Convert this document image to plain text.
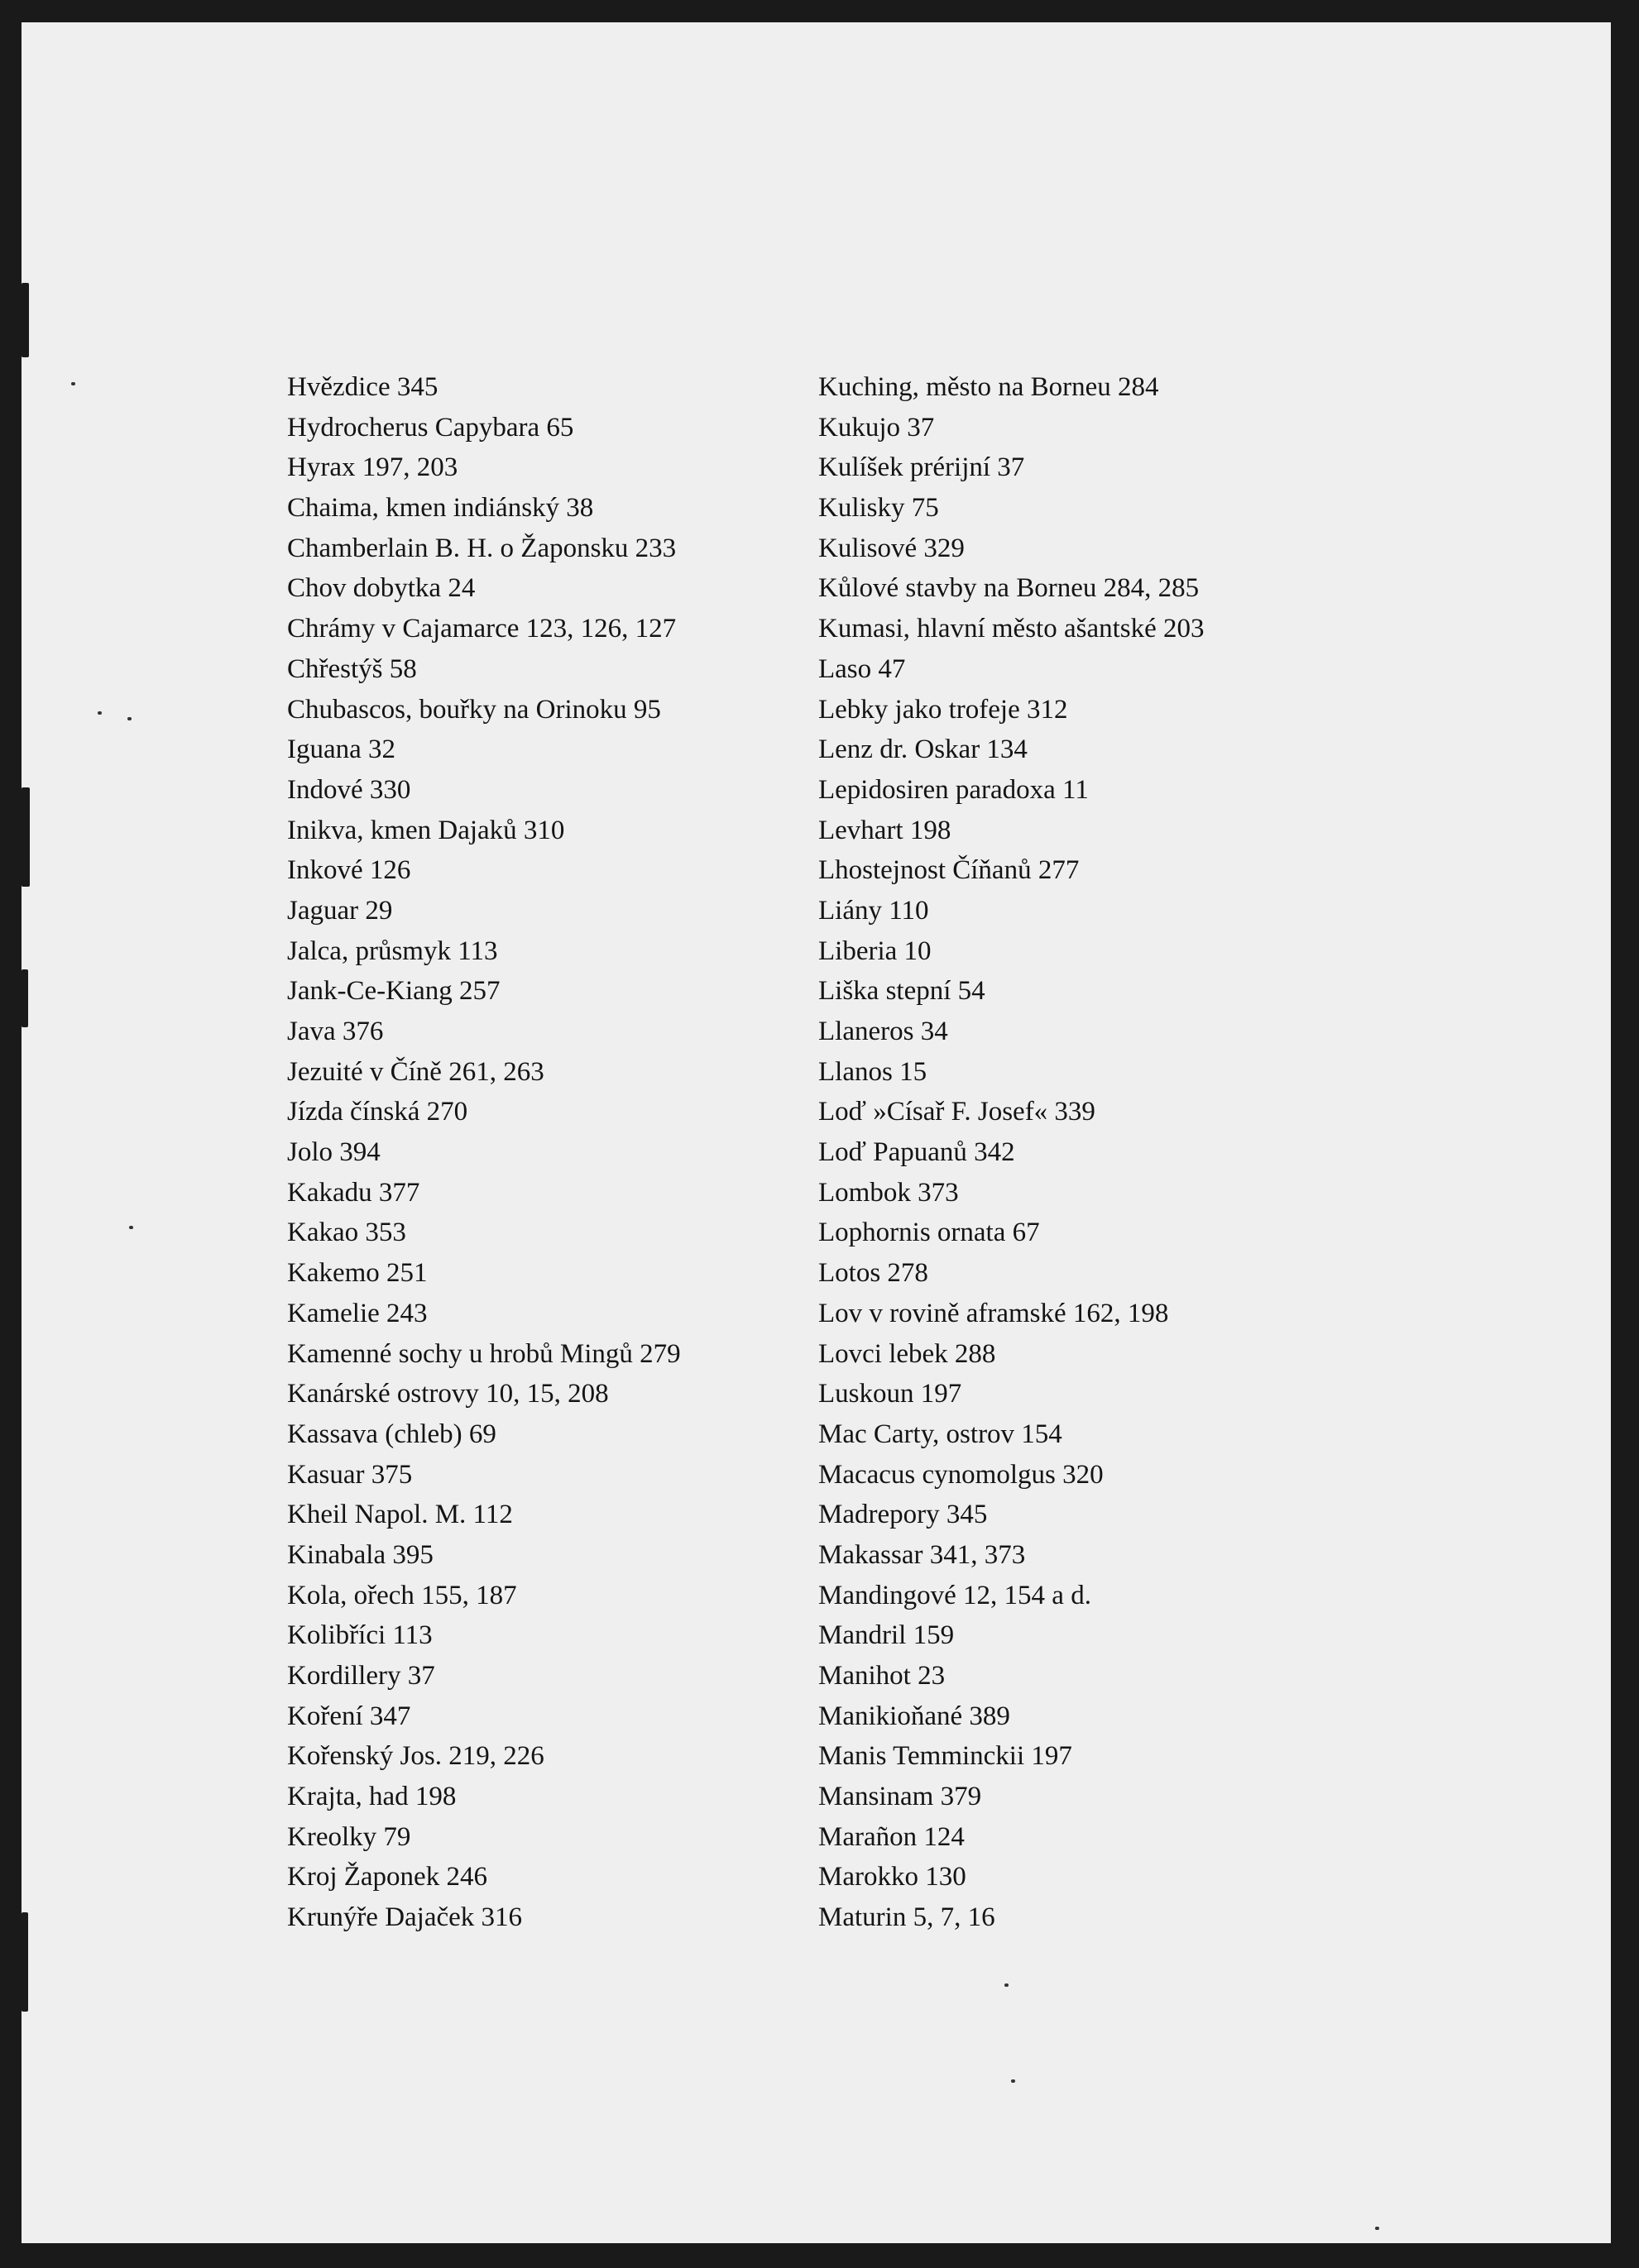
Hvězdice 345
Hydrocherus Capybara 65
Hyrax 197, 203
Chaima, kmen indiánský 38
Chamberlain B. H. o Žaponsku 233
Chov dobytka 24
Chrámy v Cajamarce 123, 126, 127
Chřestýš 58
Chubascos, bouřky na Orinoku 95
Iguana 32
Indové 330
Inikva, kmen Dajaků 310
Inkové 126
Jaguar 29
Jalca, průsmyk 113
Jank-Ce-Kiang 257
Java 376
Jezuité v Číně 261, 263
Jízda čínská 270
Jolo 394
Kakadu 377
Kakao 353
Kakemo 251
Kamelie 243
Kamenné sochy u hrobů Mingů 279
Kanárské ostrovy 10, 15, 208
Kassava (chleb) 69
Kasuar 375
Kheil Napol. M. 112
Kinabala 395
Kola, ořech 155, 187
Kolibříci 113
Kordillery 37
Koření 347
Kořenský Jos. 219, 226
Krajta, had 198
Kreolky 79
Kroj Žaponek 246
Krunýře Dajaček 316
Kuching, město na Borneu 284
Kukujo 37
Kulíšek prérijní 37
Kulisky 75
Kulisové 329
Kůlové stavby na Borneu 284, 285
Kumasi, hlavní město ašantské 203
Laso 47
Lebky jako trofeje 312
Lenz dr. Oskar 134
Lepidosiren paradoxa 11
Levhart 198
Lhostejnost Číňanů 277
Liány 110
Liberia 10
Liška stepní 54
Llaneros 34
Llanos 15
Loď »Císař F. Josef« 339
Loď Papuanů 342
Lombok 373
Lophornis ornata 67
Lotos 278
Lov v rovině aframské 162, 198
Lovci lebek 288
Luskoun 197
Mac Carty, ostrov 154
Macacus cynomolgus 320
Madrepory 345
Makassar 341, 373
Mandingové 12, 154 a d.
Mandril 159
Manihot 23
Manikioňané 389
Manis Temminckii 197
Mansinam 379
Marañon 124
Marokko 130
Maturin 5, 7, 16
